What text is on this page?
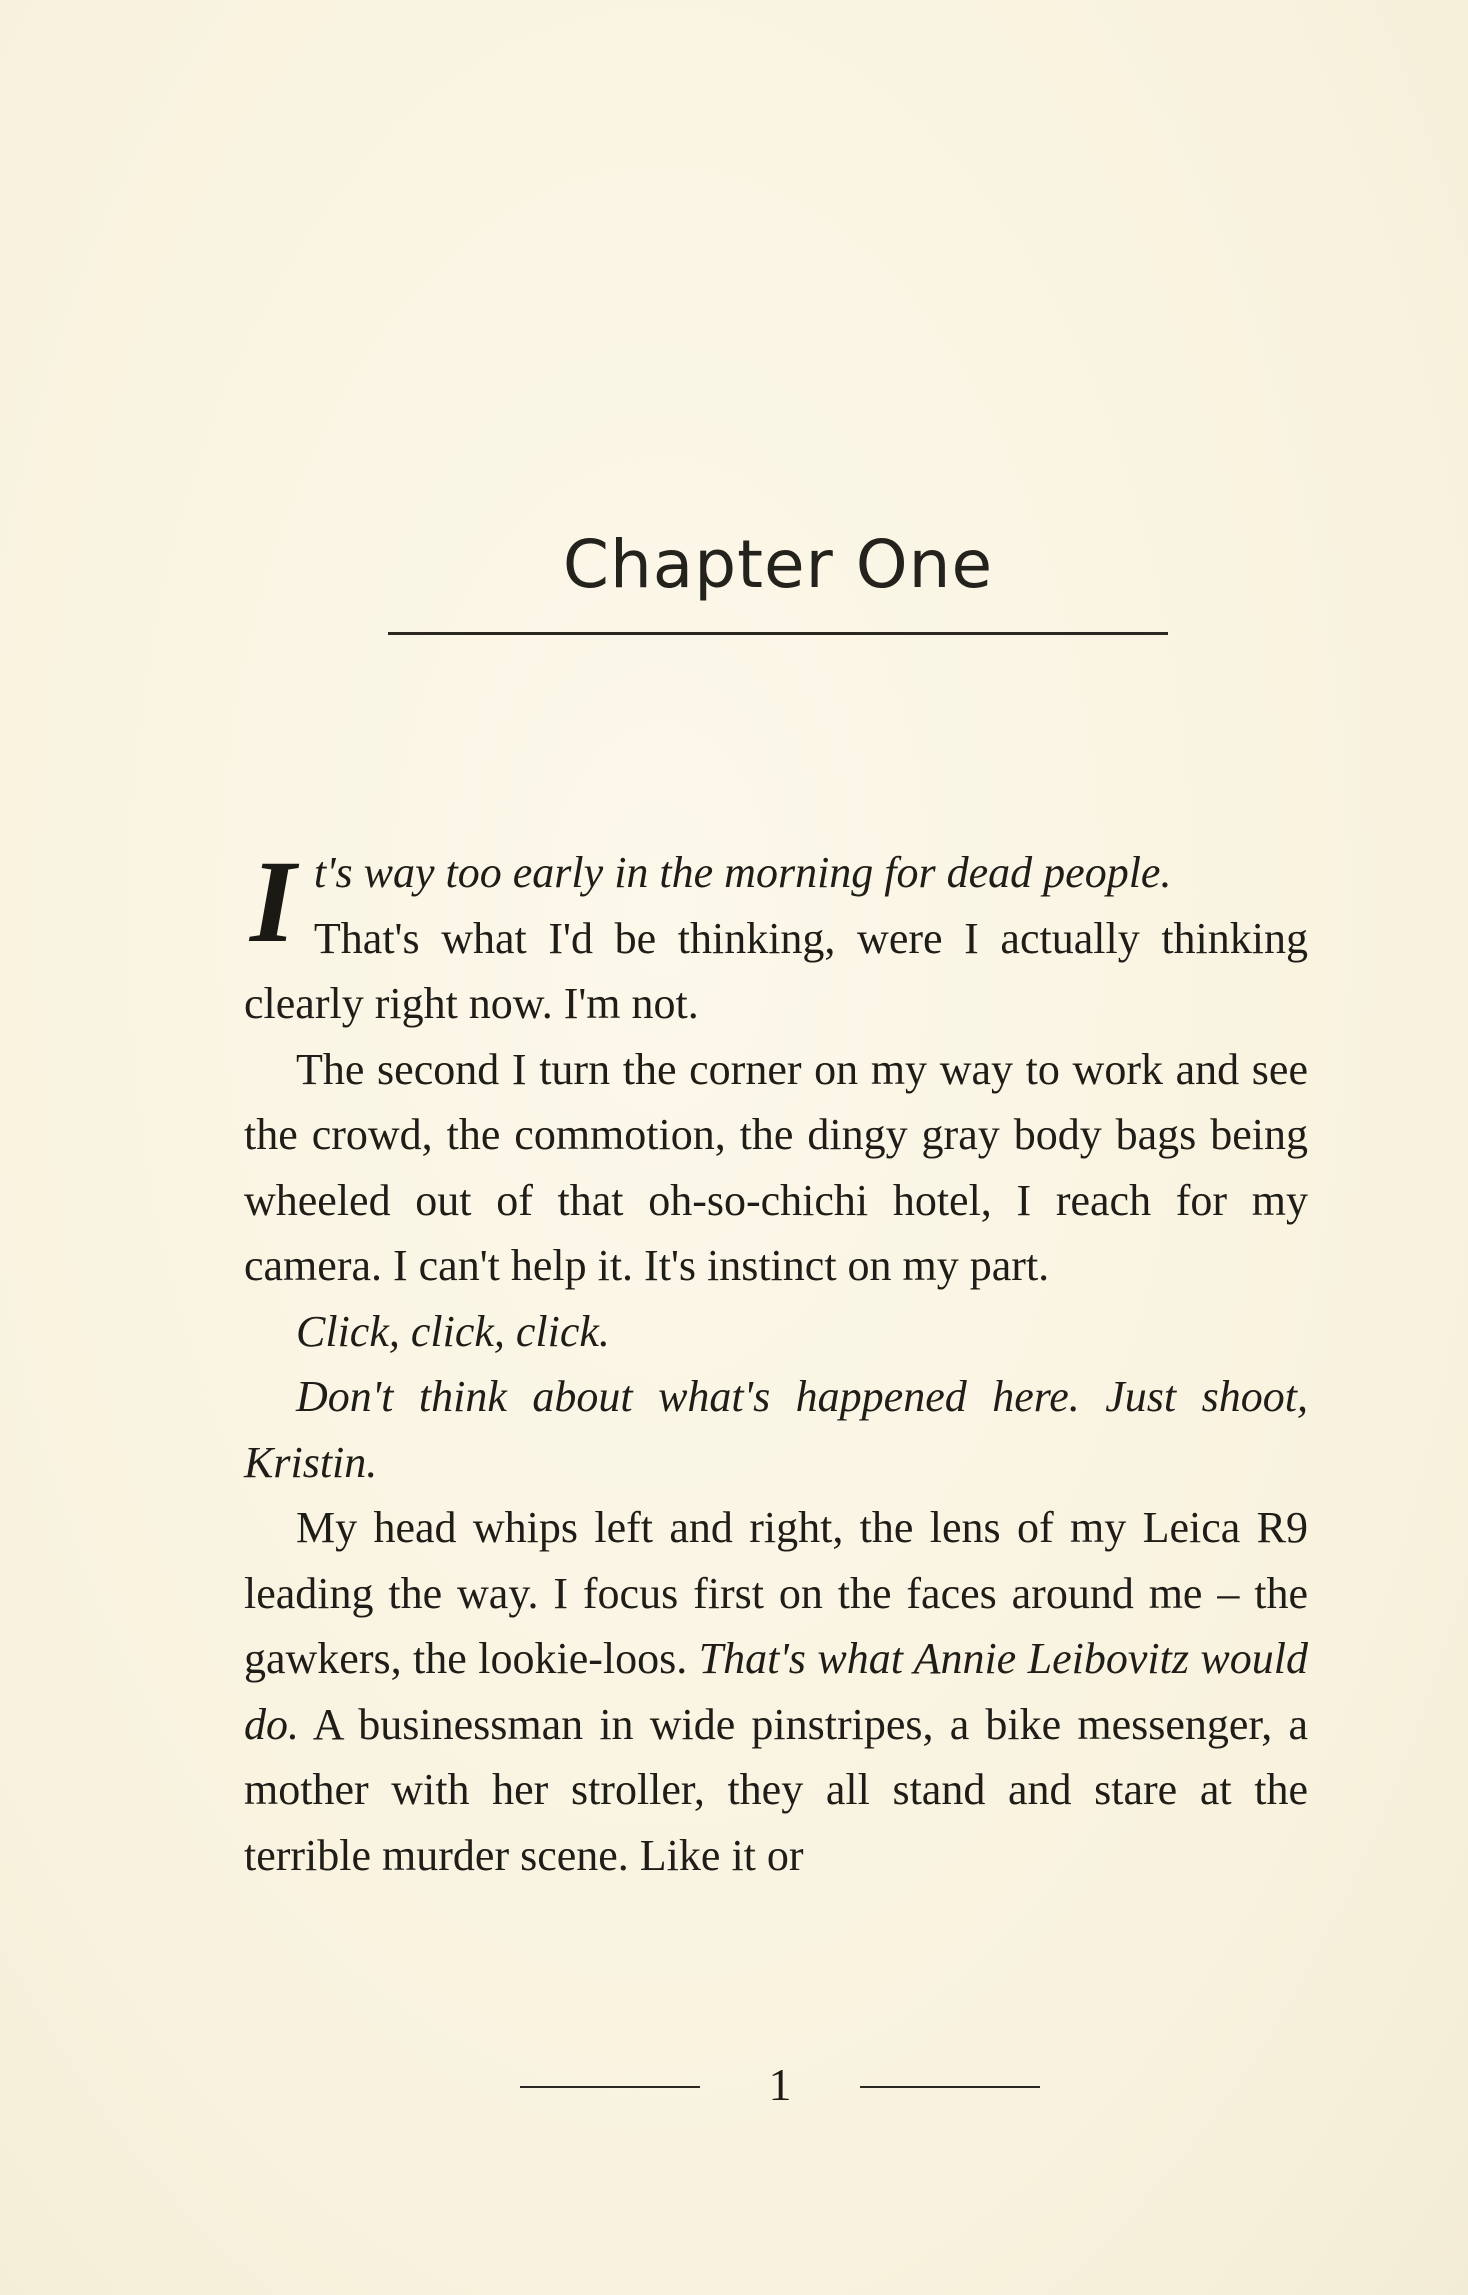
Chapter One

It's way too early in the morning for dead people.
That's what I'd be thinking, were I actually thinking clearly right now. I'm not.

The second I turn the corner on my way to work and see the crowd, the commotion, the dingy gray body bags being wheeled out of that oh-so-chichi hotel, I reach for my camera. I can't help it. It's instinct on my part.

Click, click, click.

Don't think about what's happened here. Just shoot, Kristin.

My head whips left and right, the lens of my Leica R9 leading the way. I focus first on the faces around me – the gawkers, the lookie-loos. That's what Annie Leibovitz would do. A businessman in wide pinstripes, a bike messenger, a mother with her stroller, they all stand and stare at the terrible murder scene. Like it or

1
